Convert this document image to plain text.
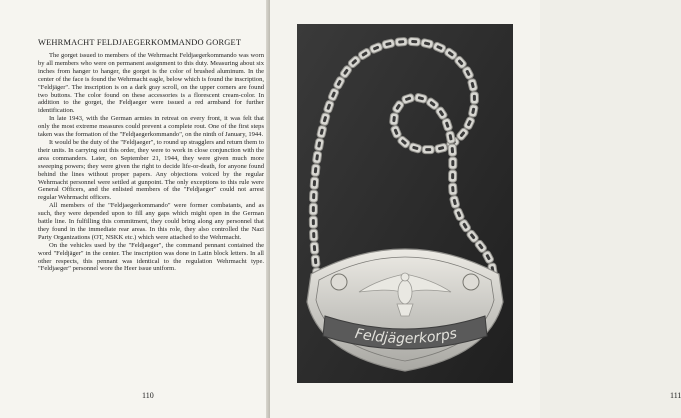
WEHRMACHT FELDJAEGERKOMMANDO GORGET

The gorget issued to members of the Wehrmacht Feldjaegerkommando was worn by all members who were on permanent assignment to this duty. Measuring about six inches from hanger to hanger, the gorget is the color of brushed aluminum. In the center of the face is found the Wehrmacht eagle, below which is found the inscription, "Feldjäger". The inscription is on a dark gray scroll, on the upper corners are found two buttons. The color found on these accessories is a florescent cream-color. In addition to the gorget, the Feldjaeger were issued a red armband for further identification.

In late 1943, with the German armies in retreat on every front, it was felt that only the most extreme measures could prevent a complete rout. One of the first steps taken was the formation of the "Feldjaegerkommando", on the ninth of January, 1944.

It would be the duty of the "Feldjaeger", to round up stragglers and return them to their units. In carrying out this order, they were to work in close conjunction with the area commanders. Later, on September 21, 1944, they were given much more sweeping powers; they were given the right to decide life-or-death, for anyone found behind the lines without proper papers. Any objections voiced by the regular Wehrmacht personnel were settled at gunpoint. The only exceptions to this rule were General Officers, and the enlisted members of the "Feldjaeger" could not arrest regular Wehrmacht officers.

All members of the "Feldjaegerkommando" were former combatants, and as such, they were depended upon to fill any gaps which might open in the German battle line. In fulfilling this commitment, they could bring along any personnel that they found in the immediate rear areas. In this role, they also controlled the Nazi Party Organizations (OT, NSKK etc.) which were attached to the Wehrmacht.

On the vehicles used by the "Feldjaeger", the command pennant contained the word "Feldjäger" in the center. The inscription was done in Latin block letters. In all other respects, this pennant was identical to the regulation Wehrmacht type. "Feldjaeger" personnel wore the Heer issue uniform.

110	111
Feldjägerkorps
